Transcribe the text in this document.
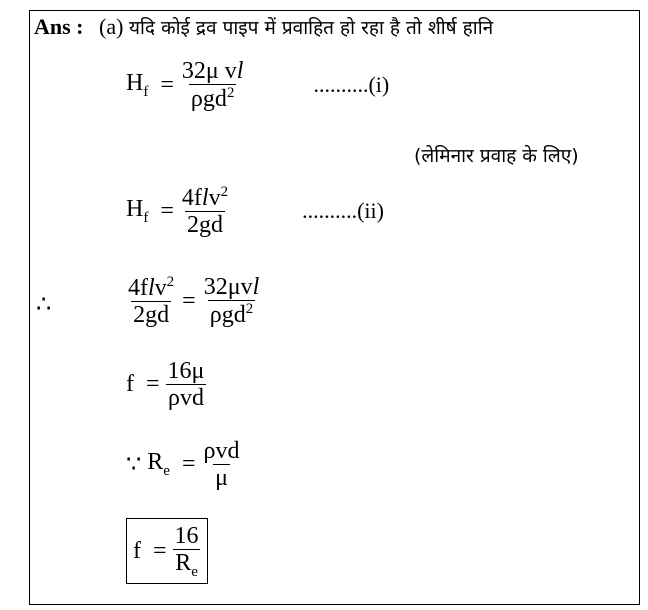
Ans : (a) यदि कोई द्रव पाइप में प्रवाहित हो रहा है तो शीर्ष हानि
$H_f = \frac{\text{32μ vl}}{\rho gd^2}$	..........(i)
(लेमिनार प्रवाह के लिए)
$H_f = \frac{4flv^2}{2gd}$	..........(ii)
∴	$\frac{4flv^2}{2gd} = \frac{\text{32μvl}}{\rho gd^2}$
$f = \frac{16\mu}{\text{ρvd}}$
∵ $R_e = \frac{\text{ρvd}}{\mu}$
$f = \frac{16}{R_e}$
